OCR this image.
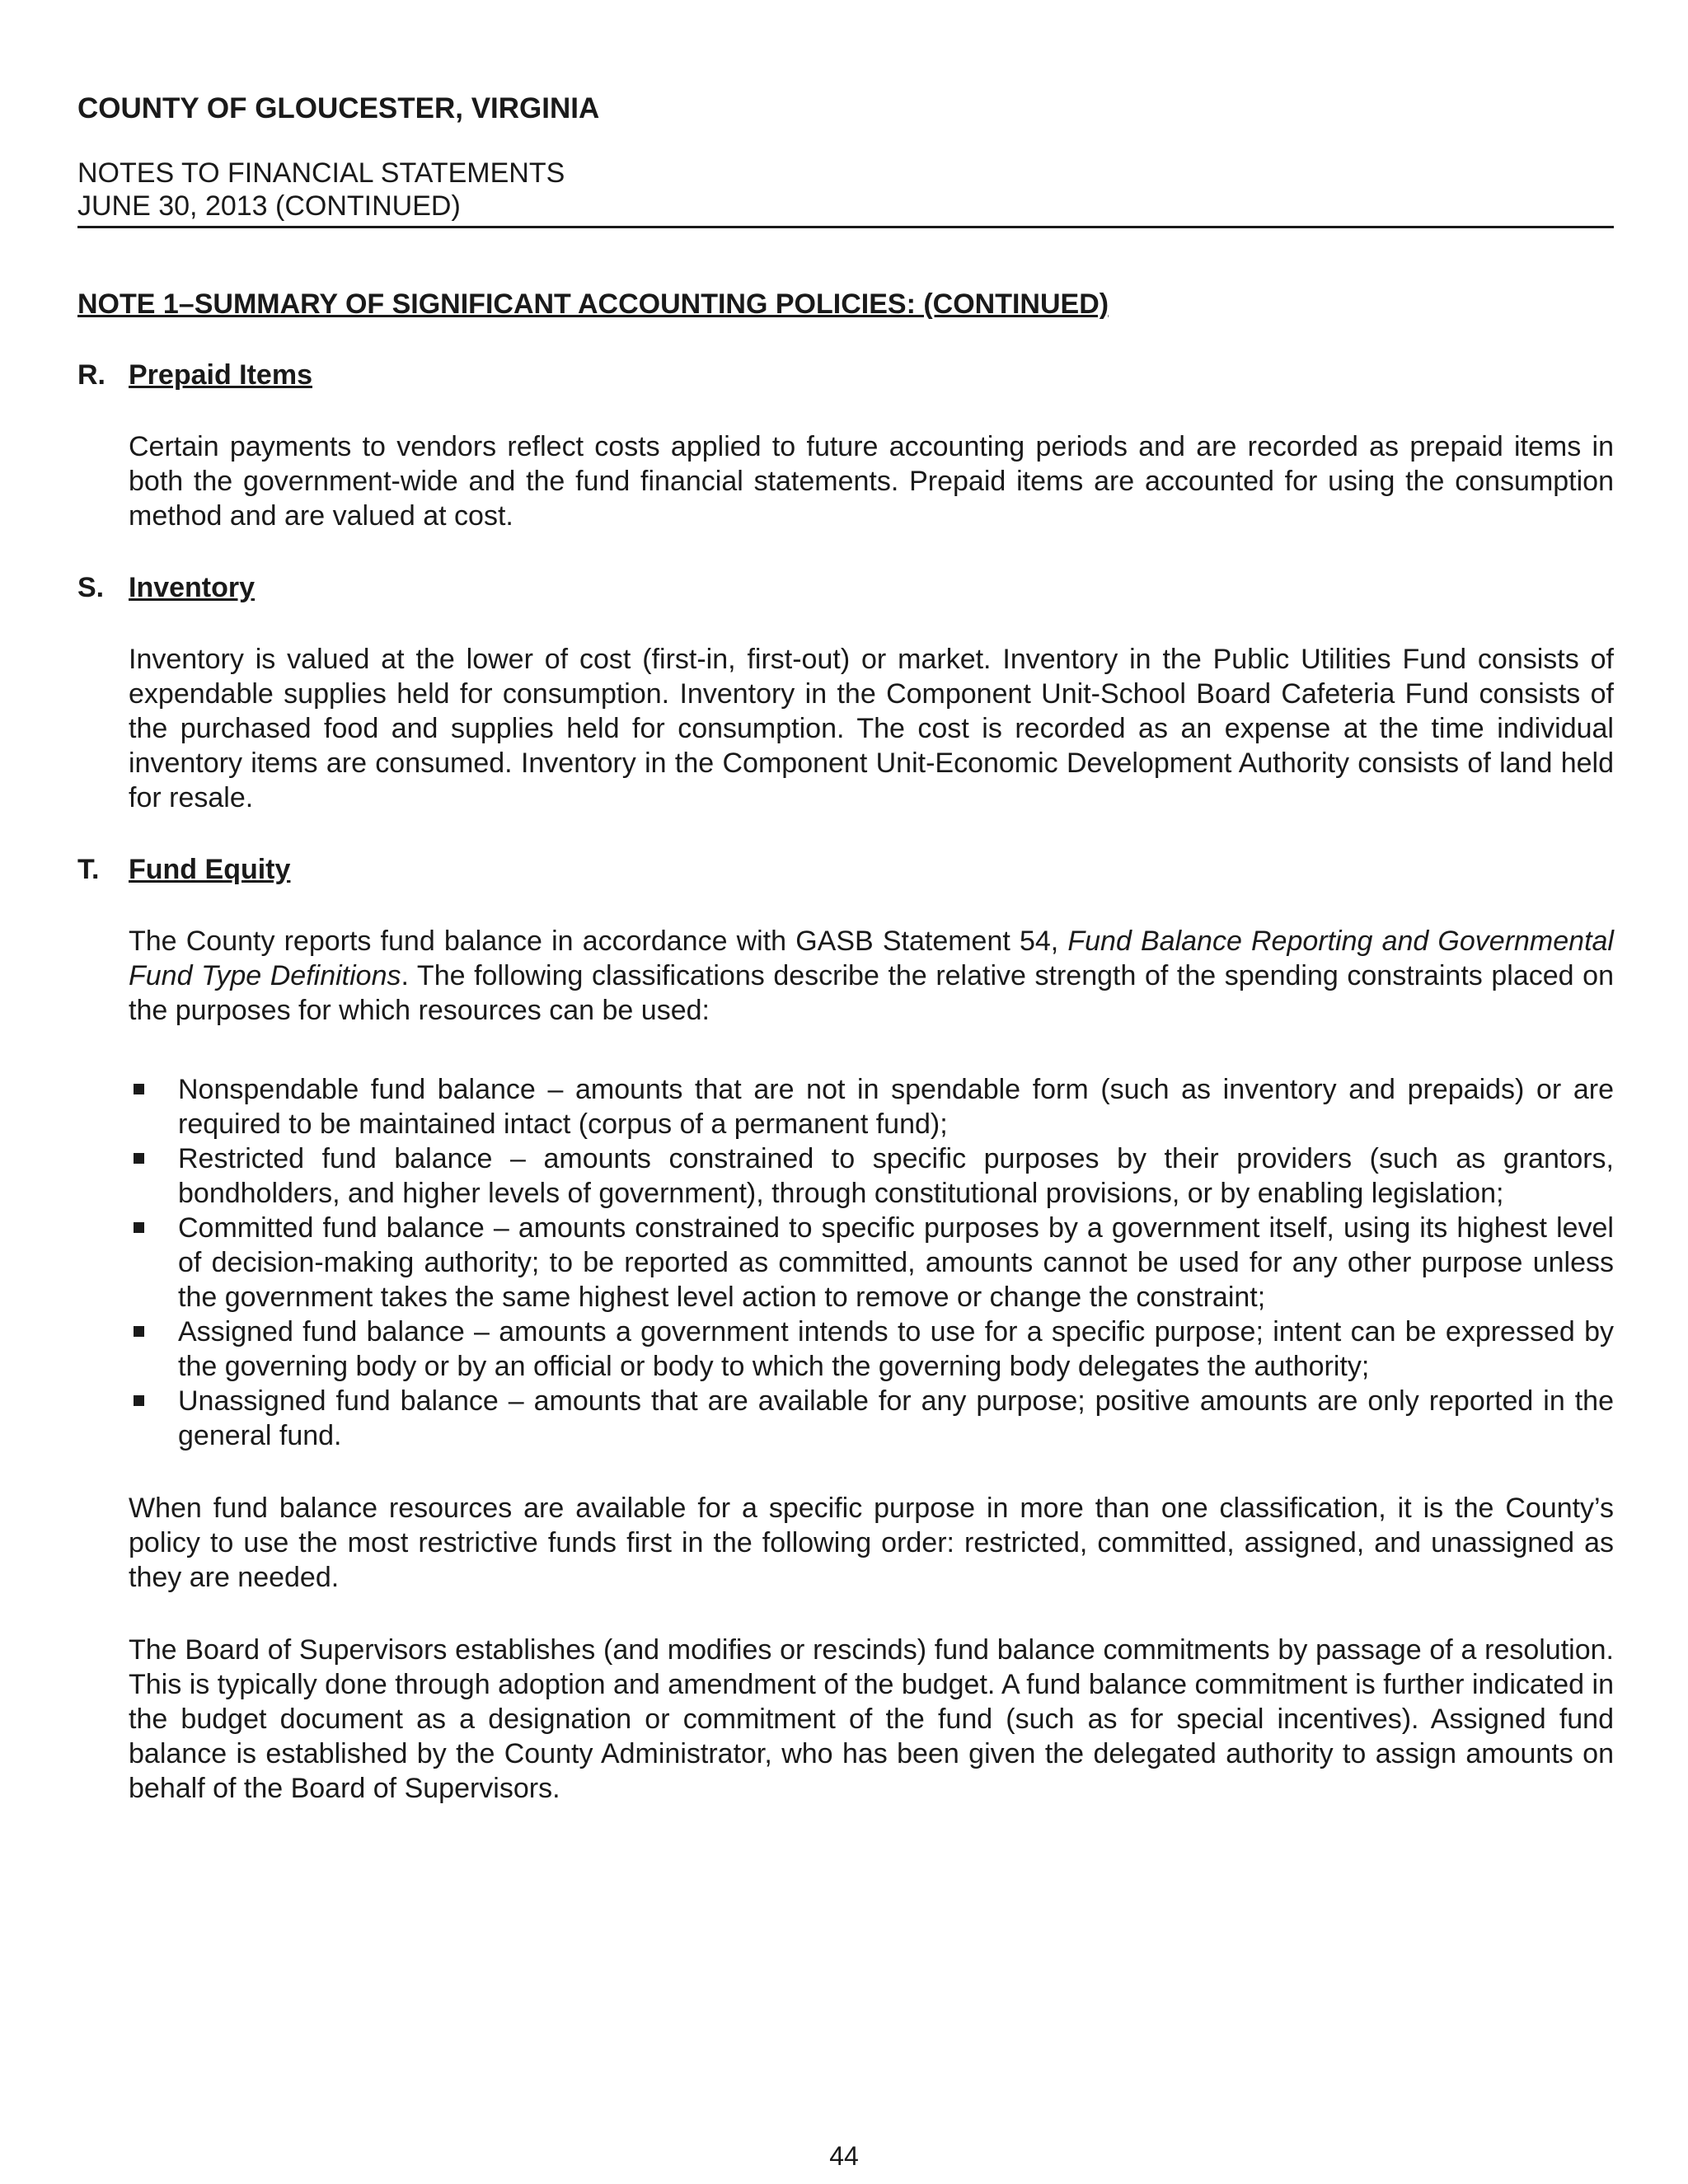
COUNTY OF GLOUCESTER, VIRGINIA
NOTES TO FINANCIAL STATEMENTS
JUNE 30, 2013 (CONTINUED)
NOTE 1–SUMMARY OF SIGNIFICANT ACCOUNTING POLICIES: (CONTINUED)
R. Prepaid Items
Certain payments to vendors reflect costs applied to future accounting periods and are recorded as prepaid items in both the government-wide and the fund financial statements. Prepaid items are accounted for using the consumption method and are valued at cost.
S. Inventory
Inventory is valued at the lower of cost (first-in, first-out) or market. Inventory in the Public Utilities Fund consists of expendable supplies held for consumption. Inventory in the Component Unit-School Board Cafeteria Fund consists of the purchased food and supplies held for consumption. The cost is recorded as an expense at the time individual inventory items are consumed. Inventory in the Component Unit-Economic Development Authority consists of land held for resale.
T.	Fund Equity
The County reports fund balance in accordance with GASB Statement 54, Fund Balance Reporting and Governmental Fund Type Definitions. The following classifications describe the relative strength of the spending constraints placed on the purposes for which resources can be used:
Nonspendable fund balance – amounts that are not in spendable form (such as inventory and prepaids) or are required to be maintained intact (corpus of a permanent fund);
Restricted fund balance – amounts constrained to specific purposes by their providers (such as grantors, bondholders, and higher levels of government), through constitutional provisions, or by enabling legislation;
Committed fund balance – amounts constrained to specific purposes by a government itself, using its highest level of decision-making authority; to be reported as committed, amounts cannot be used for any other purpose unless the government takes the same highest level action to remove or change the constraint;
Assigned fund balance – amounts a government intends to use for a specific purpose; intent can be expressed by the governing body or by an official or body to which the governing body delegates the authority;
Unassigned fund balance – amounts that are available for any purpose; positive amounts are only reported in the general fund.
When fund balance resources are available for a specific purpose in more than one classification, it is the County’s policy to use the most restrictive funds first in the following order: restricted, committed, assigned, and unassigned as they are needed.
The Board of Supervisors establishes (and modifies or rescinds) fund balance commitments by passage of a resolution. This is typically done through adoption and amendment of the budget. A fund balance commitment is further indicated in the budget document as a designation or commitment of the fund (such as for special incentives). Assigned fund balance is established by the County Administrator, who has been given the delegated authority to assign amounts on behalf of the Board of Supervisors.
44
